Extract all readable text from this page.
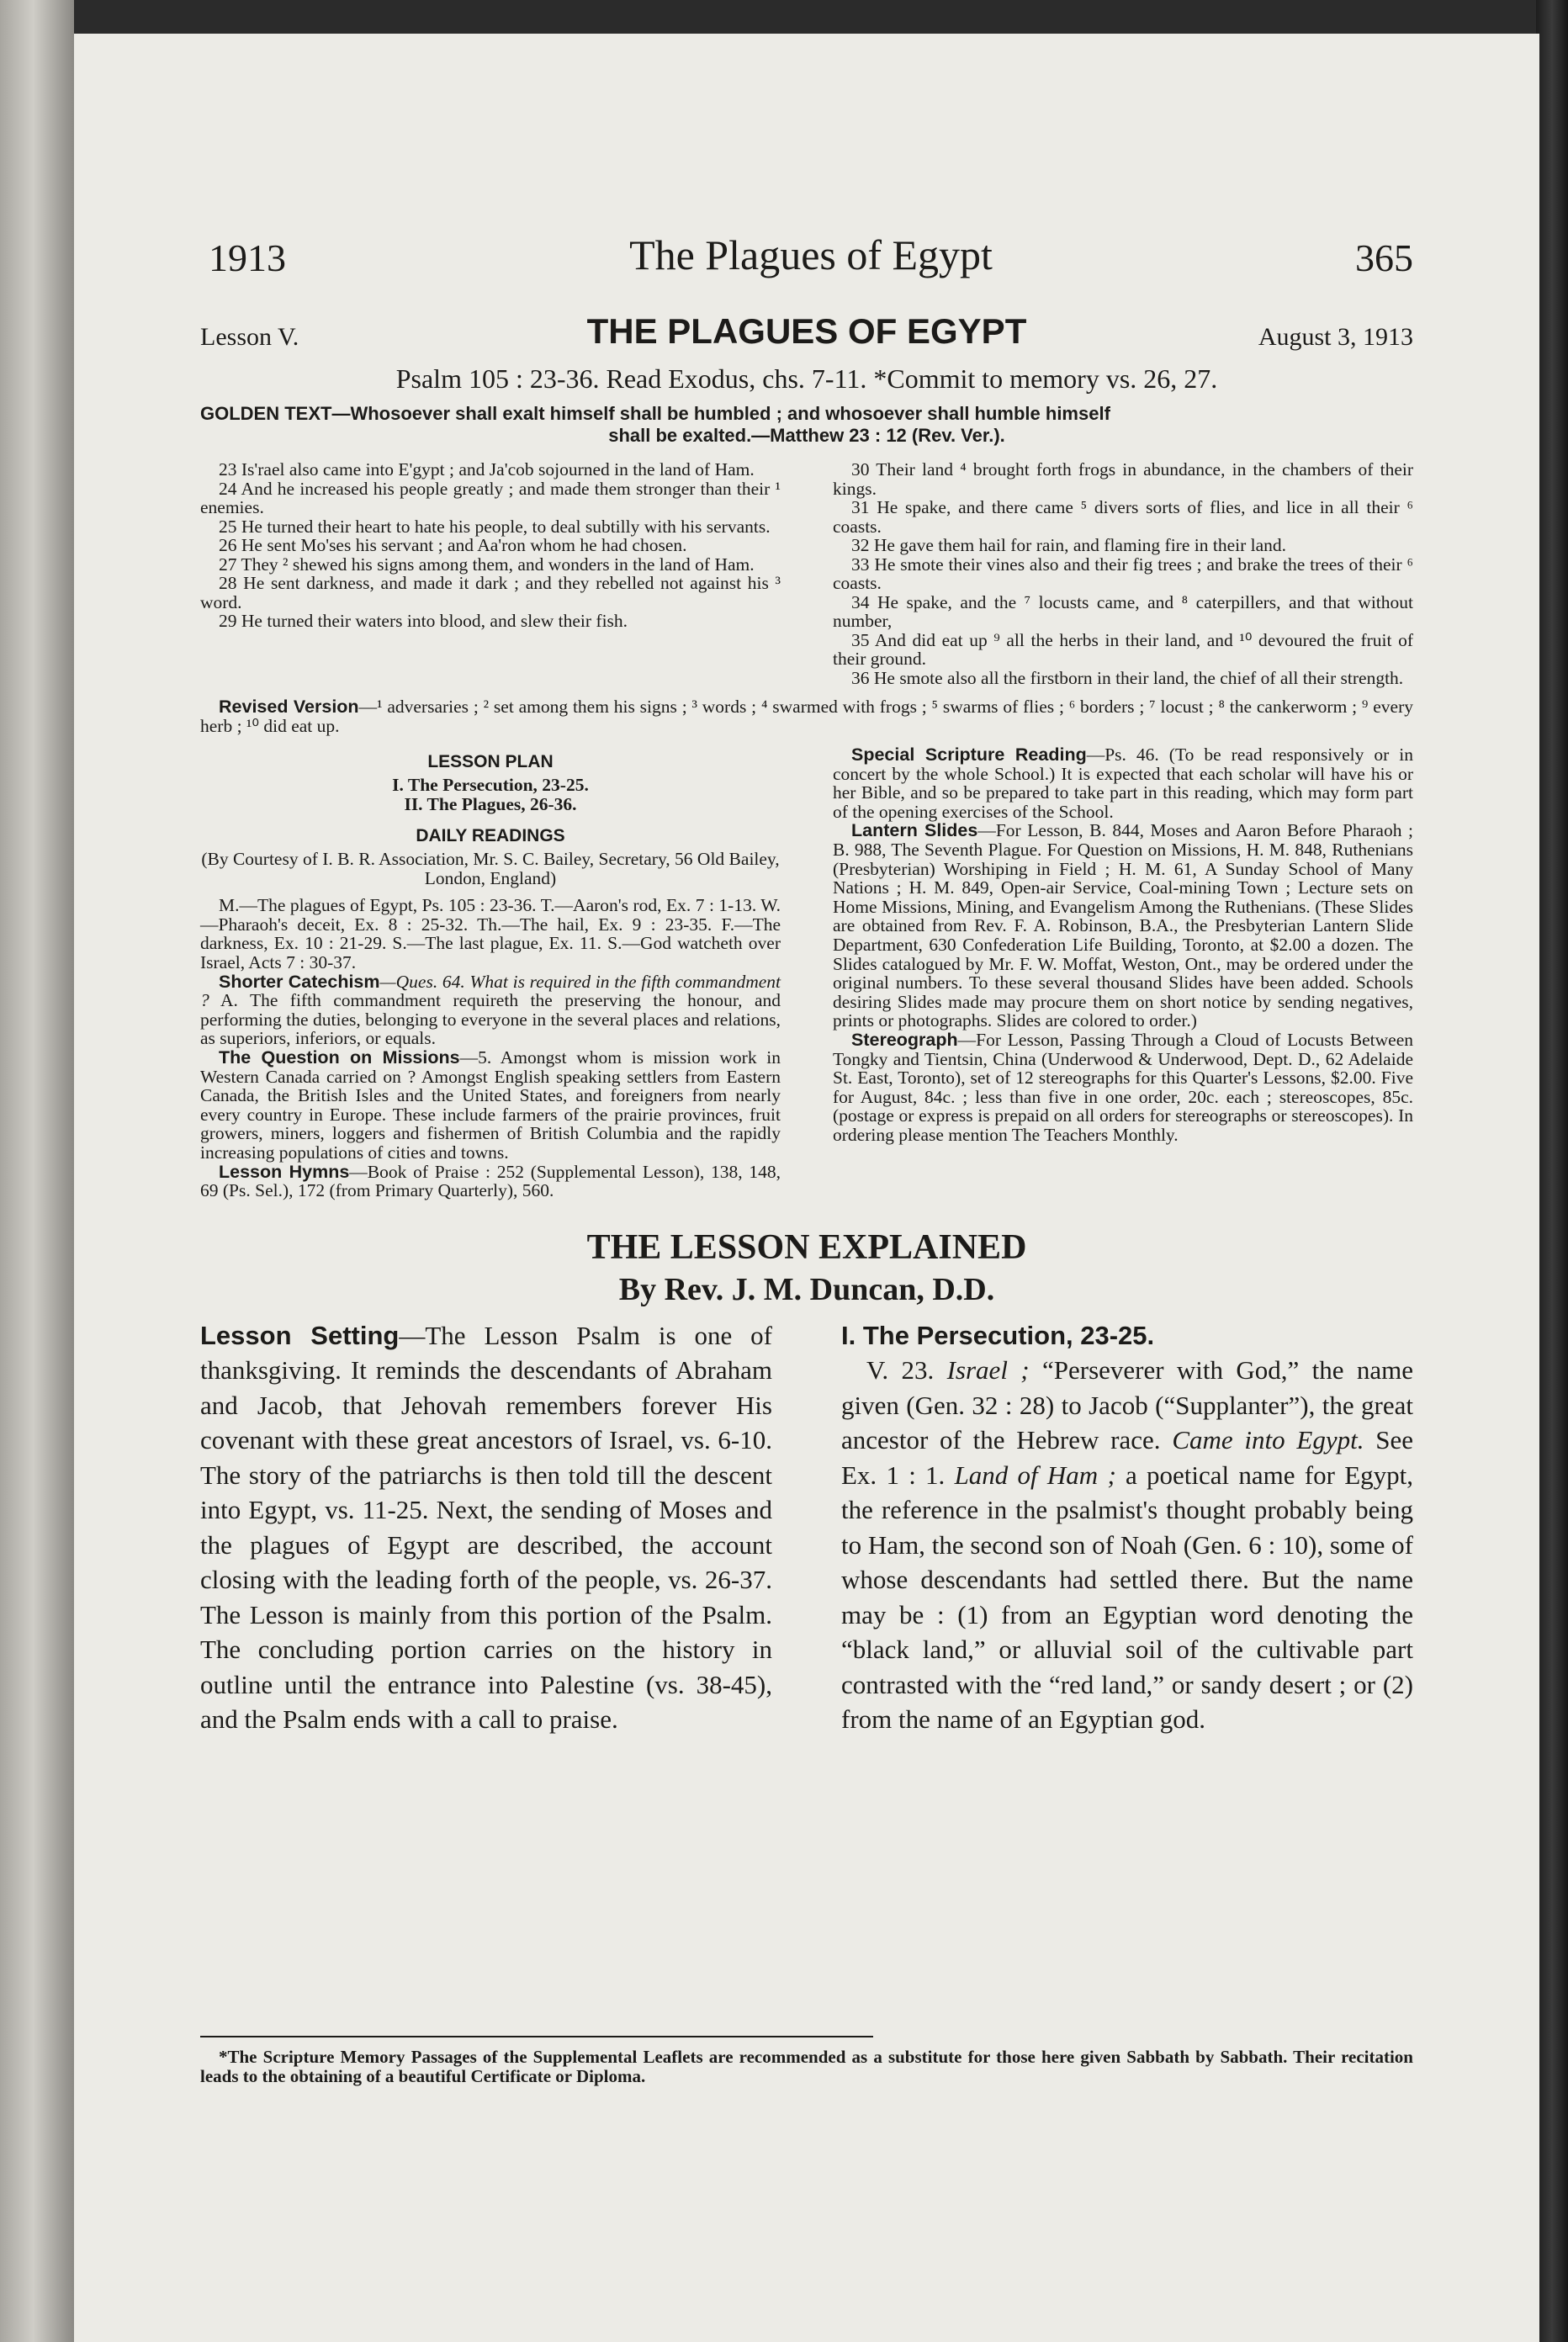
1913	The Plagues of Egypt	365
Lesson V.	THE PLAGUES OF EGYPT	August 3, 1913
Psalm 105 : 23-36. Read Exodus, chs. 7-11. *Commit to memory vs. 26, 27.
GOLDEN TEXT—Whosoever shall exalt himself shall be humbled ; and whosoever shall humble himself
shall be exalted.—Matthew 23 : 12 (Rev. Ver.).

23 Is'rael also came into E'gypt ; and Ja'cob sojourned in the land of Ham.

24 And he increased his people greatly ; and made them stronger than their ¹ enemies.

25 He turned their heart to hate his people, to deal subtilly with his servants.

26 He sent Mo'ses his servant ; and Aa'ron whom he had chosen.

27 They ² shewed his signs among them, and wonders in the land of Ham.

28 He sent darkness, and made it dark ; and they rebelled not against his ³ word.

29 He turned their waters into blood, and slew their fish.

30 Their land ⁴ brought forth frogs in abundance, in the chambers of their kings.

31 He spake, and there came ⁵ divers sorts of flies, and lice in all their ⁶ coasts.

32 He gave them hail for rain, and flaming fire in their land.

33 He smote their vines also and their fig trees ; and brake the trees of their ⁶ coasts.

34 He spake, and the ⁷ locusts came, and ⁸ caterpillers, and that without number,

35 And did eat up ⁹ all the herbs in their land, and ¹⁰ devoured the fruit of their ground.

36 He smote also all the firstborn in their land, the chief of all their strength.

Revised Version—¹ adversaries ; ² set among them his signs ; ³ words ; ⁴ swarmed with frogs ; ⁵ swarms of flies ; ⁶ borders ; ⁷ locust ; ⁸ the cankerworm ; ⁹ every herb ; ¹⁰ did eat up.
LESSON PLAN
I. The Persecution, 23-25.
II. The Plagues, 26-36.
DAILY READINGS
(By Courtesy of I. B. R. Association, Mr. S. C. Bailey, Secretary, 56 Old Bailey, London, England)

M.—The plagues of Egypt, Ps. 105 : 23-36. T.—Aaron's rod, Ex. 7 : 1-13. W.—Pharaoh's deceit, Ex. 8 : 25-32. Th.—The hail, Ex. 9 : 23-35. F.—The darkness, Ex. 10 : 21-29. S.—The last plague, Ex. 11. S.—God watcheth over Israel, Acts 7 : 30-37.

Shorter Catechism—Ques. 64. What is required in the fifth commandment ? A. The fifth commandment requireth the preserving the honour, and performing the duties, belonging to everyone in the several places and relations, as superiors, inferiors, or equals.

The Question on Missions—5. Amongst whom is mission work in Western Canada carried on ? Amongst English speaking settlers from Eastern Canada, the British Isles and the United States, and foreigners from nearly every country in Europe. These include farmers of the prairie provinces, fruit growers, miners, loggers and fishermen of British Columbia and the rapidly increasing populations of cities and towns.

Lesson Hymns—Book of Praise : 252 (Supplemental Lesson), 138, 148, 69 (Ps. Sel.), 172 (from Primary Quarterly), 560.

Special Scripture Reading—Ps. 46. (To be read responsively or in concert by the whole School.) It is expected that each scholar will have his or her Bible, and so be prepared to take part in this reading, which may form part of the opening exercises of the School.

Lantern Slides—For Lesson, B. 844, Moses and Aaron Before Pharaoh ; B. 988, The Seventh Plague. For Question on Missions, H. M. 848, Ruthenians (Presbyterian) Worshiping in Field ; H. M. 61, A Sunday School of Many Nations ; H. M. 849, Open-air Service, Coal-mining Town ; Lecture sets on Home Missions, Mining, and Evangelism Among the Ruthenians. (These Slides are obtained from Rev. F. A. Robinson, B.A., the Presbyterian Lantern Slide Department, 630 Confederation Life Building, Toronto, at $2.00 a dozen. The Slides catalogued by Mr. F. W. Moffat, Weston, Ont., may be ordered under the original numbers. To these several thousand Slides have been added. Schools desiring Slides made may procure them on short notice by sending negatives, prints or photographs. Slides are colored to order.)

Stereograph—For Lesson, Passing Through a Cloud of Locusts Between Tongky and Tientsin, China (Underwood & Underwood, Dept. D., 62 Adelaide St. East, Toronto), set of 12 stereographs for this Quarter's Lessons, $2.00. Five for August, 84c. ; less than five in one order, 20c. each ; stereoscopes, 85c. (postage or express is prepaid on all orders for stereographs or stereoscopes). In ordering please mention The Teachers Monthly.

THE LESSON EXPLAINED
By Rev. J. M. Duncan, D.D.
Lesson Setting—The Lesson Psalm is one of thanksgiving. It reminds the descendants of Abraham and Jacob, that Jehovah remembers forever His covenant with these great ancestors of Israel, vs. 6-10. The story of the patriarchs is then told till the descent into Egypt, vs. 11-25. Next, the sending of Moses and the plagues of Egypt are described, the account closing with the leading forth of the people, vs. 26-37. The Lesson is mainly from this portion of the Psalm. The concluding portion carries on the history in outline until the entrance into Palestine (vs. 38-45), and the Psalm ends with a call to praise.
I. The Persecution, 23-25.
V. 23. Israel ; “Perseverer with God,” the name given (Gen. 32 : 28) to Jacob (“Supplanter”), the great ancestor of the Hebrew race. Came into Egypt. See Ex. 1 : 1. Land of Ham ; a poetical name for Egypt, the reference in the psalmist's thought probably being to Ham, the second son of Noah (Gen. 6 : 10), some of whose descendants had settled there. But the name may be : (1) from an Egyptian word denoting the “black land,” or alluvial soil of the cultivable part contrasted with the “red land,” or sandy desert ; or (2) from the name of an Egyptian god.
*The Scripture Memory Passages of the Supplemental Leaflets are recommended as a substitute for those here given Sabbath by Sabbath. Their recitation leads to the obtaining of a beautiful Certificate or Diploma.
